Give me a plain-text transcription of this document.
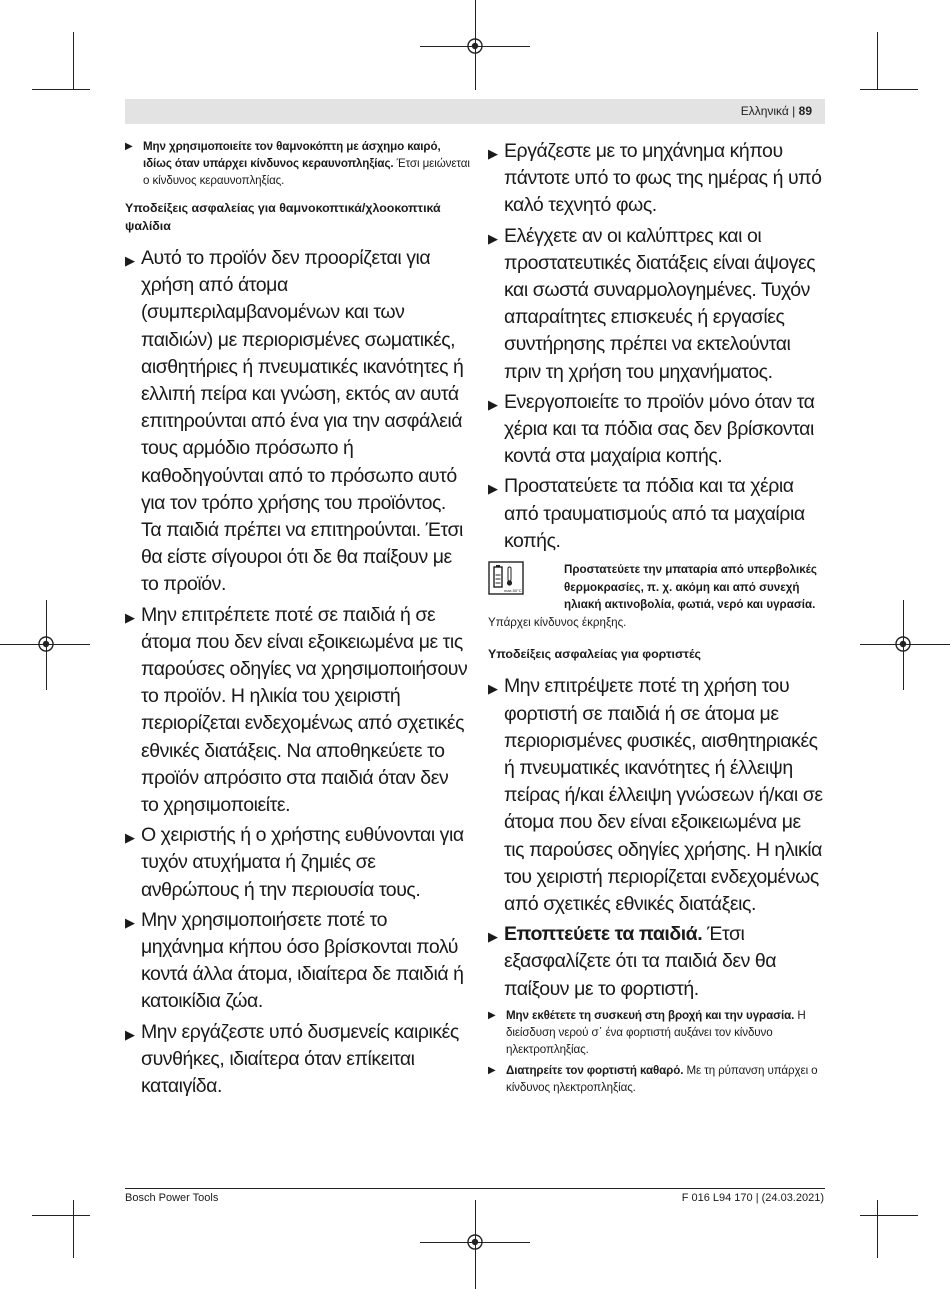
Ελληνικά | 89
▶ Μην χρησιμοποιείτε τον θαμνοκόπτη με άσχημο καιρό, ιδίως όταν υπάρχει κίνδυνος κεραυνοπληξίας. Έτσι μειώνεται ο κίνδυνος κεραυνοπληξίας.
Υποδείξεις ασφαλείας για θαμνοκοπτικά/χλοοκοπτικά ψαλίδια
▶ Αυτό το προϊόν δεν προορίζεται για χρήση από άτομα (συμπεριλαμβανομένων και των παιδιών) με περιορισμένες σωματικές, αισθητήριες ή πνευματικές ικανότητες ή ελλιπή πείρα και γνώση, εκτός αν αυτά επιτηρούνται από ένα για την ασφάλειά τους αρμόδιο πρόσωπο ή καθοδηγούνται από το πρόσωπο αυτό για τον τρόπο χρήσης του προϊόντος. Τα παιδιά πρέπει να επιτηρούνται. Έτσι θα είστε σίγουροι ότι δε θα παίξουν με το προϊόν.
▶ Μην επιτρέπετε ποτέ σε παιδιά ή σε άτομα που δεν είναι εξοικειωμένα με τις παρούσες οδηγίες να χρησιμοποιήσουν το προϊόν. Η ηλικία του χειριστή περιορίζεται ενδεχομένως από σχετικές εθνικές διατάξεις. Να αποθηκεύετε το προϊόν απρόσιτο στα παιδιά όταν δεν το χρησιμοποιείτε.
▶ Ο χειριστής ή ο χρήστης ευθύνονται για τυχόν ατυχήματα ή ζημιές σε ανθρώπους ή την περιουσία τους.
▶ Μην χρησιμοποιήσετε ποτέ το μηχάνημα κήπου όσο βρίσκονται πολύ κοντά άλλα άτομα, ιδιαίτερα δε παιδιά ή κατοικίδια ζώα.
▶ Μην εργάζεστε υπό δυσμενείς καιρικές συνθήκες, ιδιαίτερα όταν επίκειται καταιγίδα.
▶ Εργάζεστε με το μηχάνημα κήπου πάντοτε υπό το φως της ημέρας ή υπό καλό τεχνητό φως.
▶ Ελέγχετε αν οι καλύπτρες και οι προστατευτικές διατάξεις είναι άψογες και σωστά συναρμολογημένες. Τυχόν απαραίτητες επισκευές ή εργασίες συντήρησης πρέπει να εκτελούνται πριν τη χρήση του μηχανήματος.
▶ Ενεργοποιείτε το προϊόν μόνο όταν τα χέρια και τα πόδια σας δεν βρίσκονται κοντά στα μαχαίρια κοπής.
▶ Προστατεύετε τα πόδια και τα χέρια από τραυματισμούς από τα μαχαίρια κοπής.
max.50°C
Προστατεύετε την μπαταρία από υπερβολικές θερμοκρασίες, π. χ. ακόμη και από συνεχή ηλιακή ακτινοβολία, φωτιά, νερό και υγρασία. Υπάρχει κίνδυνος έκρηξης.
Υποδείξεις ασφαλείας για φορτιστές
▶ Μην επιτρέψετε ποτέ τη χρήση του φορτιστή σε παιδιά ή σε άτομα με περιορισμένες φυσικές, αισθητηριακές ή πνευματικές ικανότητες ή έλλειψη πείρας ή/και έλλειψη γνώσεων ή/και σε άτομα που δεν είναι εξοικειωμένα με τις παρούσες οδηγίες χρήσης. Η ηλικία του χειριστή περιορίζεται ενδεχομένως από σχετικές εθνικές διατάξεις.
▶ Εποπτεύετε τα παιδιά. Έτσι εξασφαλίζετε ότι τα παιδιά δεν θα παίξουν με το φορτιστή.
▶ Μην εκθέτετε τη συσκευή στη βροχή και την υγρασία. Η διείσδυση νερού σ᾽ ένα φορτιστή αυξάνει τον κίνδυνο ηλεκτροπληξίας.
▶ Διατηρείτε τον φορτιστή καθαρό. Με τη ρύπανση υπάρχει ο κίνδυνος ηλεκτροπληξίας.
Bosch Power Tools	F 016 L94 170 | (24.03.2021)
